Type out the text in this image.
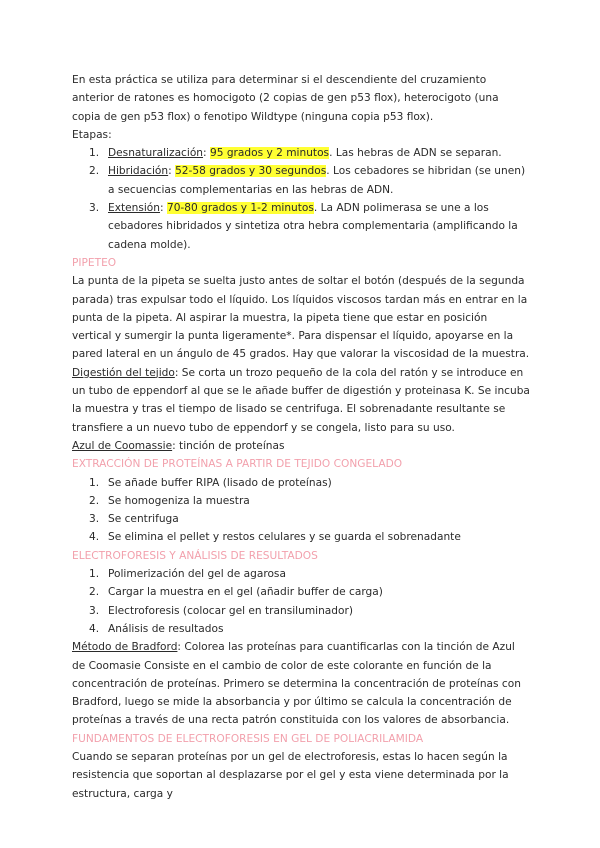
En esta práctica se utiliza para determinar si el descendiente del cruzamiento anterior de ratones es homocigoto (2 copias de gen p53 flox), heterocigoto (una copia de gen p53 flox) o fenotipo Wildtype (ninguna copia p53 flox).

Etapas:

1. Desnaturalización: 95 grados y 2 minutos. Las hebras de ADN se separan.
2. Hibridación: 52-58 grados y 30 segundos. Los cebadores se hibridan (se unen) a secuencias complementarias en las hebras de ADN.
3. Extensión: 70-80 grados y 1-2 minutos. La ADN polimerasa se une a los cebadores hibridados y sintetiza otra hebra complementaria (amplificando la cadena molde).

PIPETEO

La punta de la pipeta se suelta justo antes de soltar el botón (después de la segunda parada) tras expulsar todo el líquido. Los líquidos viscosos tardan más en entrar en la punta de la pipeta. Al aspirar la muestra, la pipeta tiene que estar en posición vertical y sumergir la punta ligeramente*. Para dispensar el líquido, apoyarse en la pared lateral en un ángulo de 45 grados. Hay que valorar la viscosidad de la muestra.

Digestión del tejido: Se corta un trozo pequeño de la cola del ratón y se introduce en un tubo de eppendorf al que se le añade buffer de digestión y proteinasa K. Se incuba la muestra y tras el tiempo de lisado se centrifuga. El sobrenadante resultante se transfiere a un nuevo tubo de eppendorf y se congela, listo para su uso.

Azul de Coomassie: tinción de proteínas

EXTRACCIÓN DE PROTEÍNAS A PARTIR DE TEJIDO CONGELADO

1. Se añade buffer RIPA (lisado de proteínas)
2. Se homogeniza la muestra
3. Se centrifuga
4. Se elimina el pellet y restos celulares y se guarda el sobrenadante

ELECTROFORESIS Y ANÁLISIS DE RESULTADOS

1. Polimerización del gel de agarosa
2. Cargar la muestra en el gel (añadir buffer de carga)
3. Electroforesis (colocar gel en transiluminador)
4. Análisis de resultados

Método de Bradford: Colorea las proteínas para cuantificarlas con la tinción de Azul de Coomasie Consiste en el cambio de color de este colorante en función de la concentración de proteínas. Primero se determina la concentración de proteínas con Bradford, luego se mide la absorbancia y por último se calcula la concentración de proteínas a través de una recta patrón constituida con los valores de absorbancia.

FUNDAMENTOS DE ELECTROFORESIS EN GEL DE POLIACRILAMIDA

Cuando se separan proteínas por un gel de electroforesis, estas lo hacen según la resistencia que soportan al desplazarse por el gel y esta viene determinada por la estructura, carga y
